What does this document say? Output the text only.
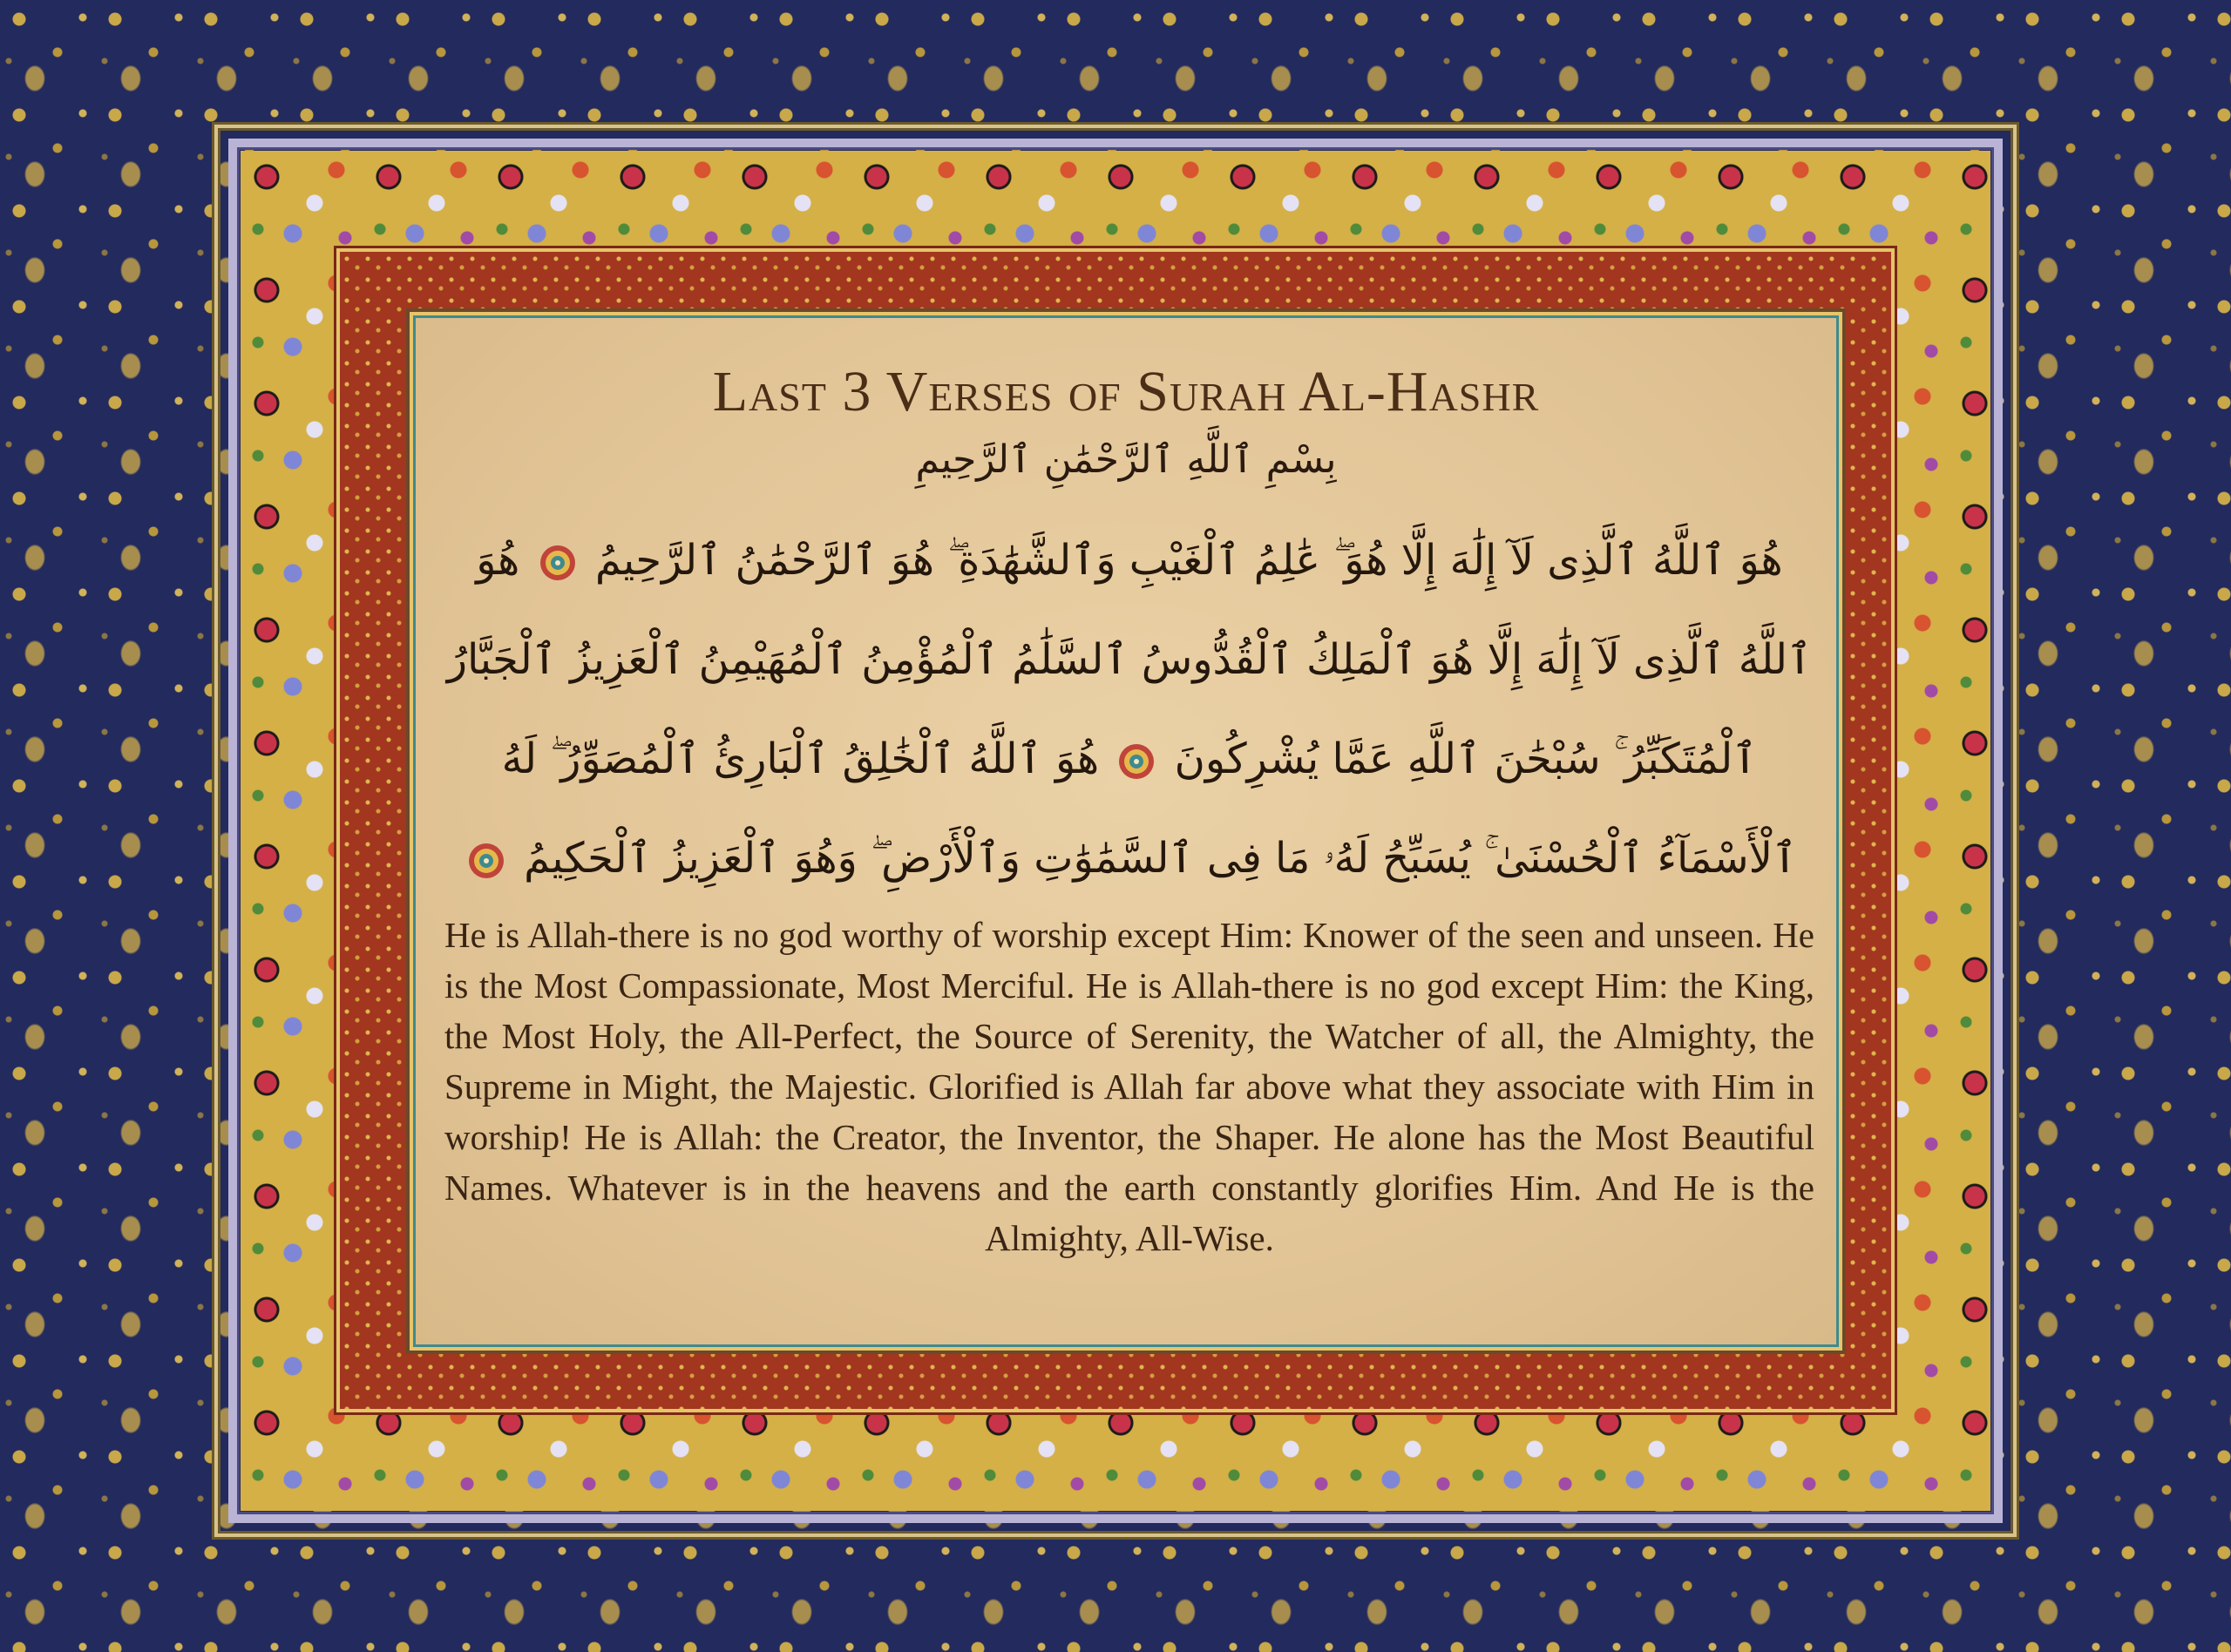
Last 3 Verses of Surah Al-Hashr
بِسْمِ ٱللَّهِ ٱلرَّحْمَٰنِ ٱلرَّحِيمِ
هُوَ ٱللَّهُ ٱلَّذِى لَآ إِلَٰهَ إِلَّا هُوَ ۖ عَٰلِمُ ٱلْغَيْبِ وَٱلشَّهَٰدَةِ ۖ هُوَ ٱلرَّحْمَٰنُ ٱلرَّحِيمُ  هُوَ ٱللَّهُ ٱلَّذِى لَآ إِلَٰهَ إِلَّا هُوَ ٱلْمَلِكُ ٱلْقُدُّوسُ ٱلسَّلَٰمُ ٱلْمُؤْمِنُ ٱلْمُهَيْمِنُ ٱلْعَزِيزُ ٱلْجَبَّارُ ٱلْمُتَكَبِّرُ ۚ سُبْحَٰنَ ٱللَّهِ عَمَّا يُشْرِكُونَ  هُوَ ٱللَّهُ ٱلْخَٰلِقُ ٱلْبَارِئُ ٱلْمُصَوِّرُ ۖ لَهُ ٱلْأَسْمَآءُ ٱلْحُسْنَىٰ ۚ يُسَبِّحُ لَهُۥ مَا فِى ٱلسَّمَٰوَٰتِ وَٱلْأَرْضِ ۖ وَهُوَ ٱلْعَزِيزُ ٱلْحَكِيمُ
He is Allah-there is no god worthy of worship except Him: Knower of the seen and unseen. He is the Most Compassionate, Most Merciful. He is Allah-there is no god except Him: the King, the Most Holy, the All-Perfect, the Source of Serenity, the Watcher of all, the Almighty, the Supreme in Might, the Majestic. Glorified is Allah far above what they associate with Him in worship! He is Allah: the Creator, the Inventor, the Shaper. He alone has the Most Beautiful Names. Whatever is in the heavens and the earth constantly glorifies Him. And He is the Almighty, All-Wise.
